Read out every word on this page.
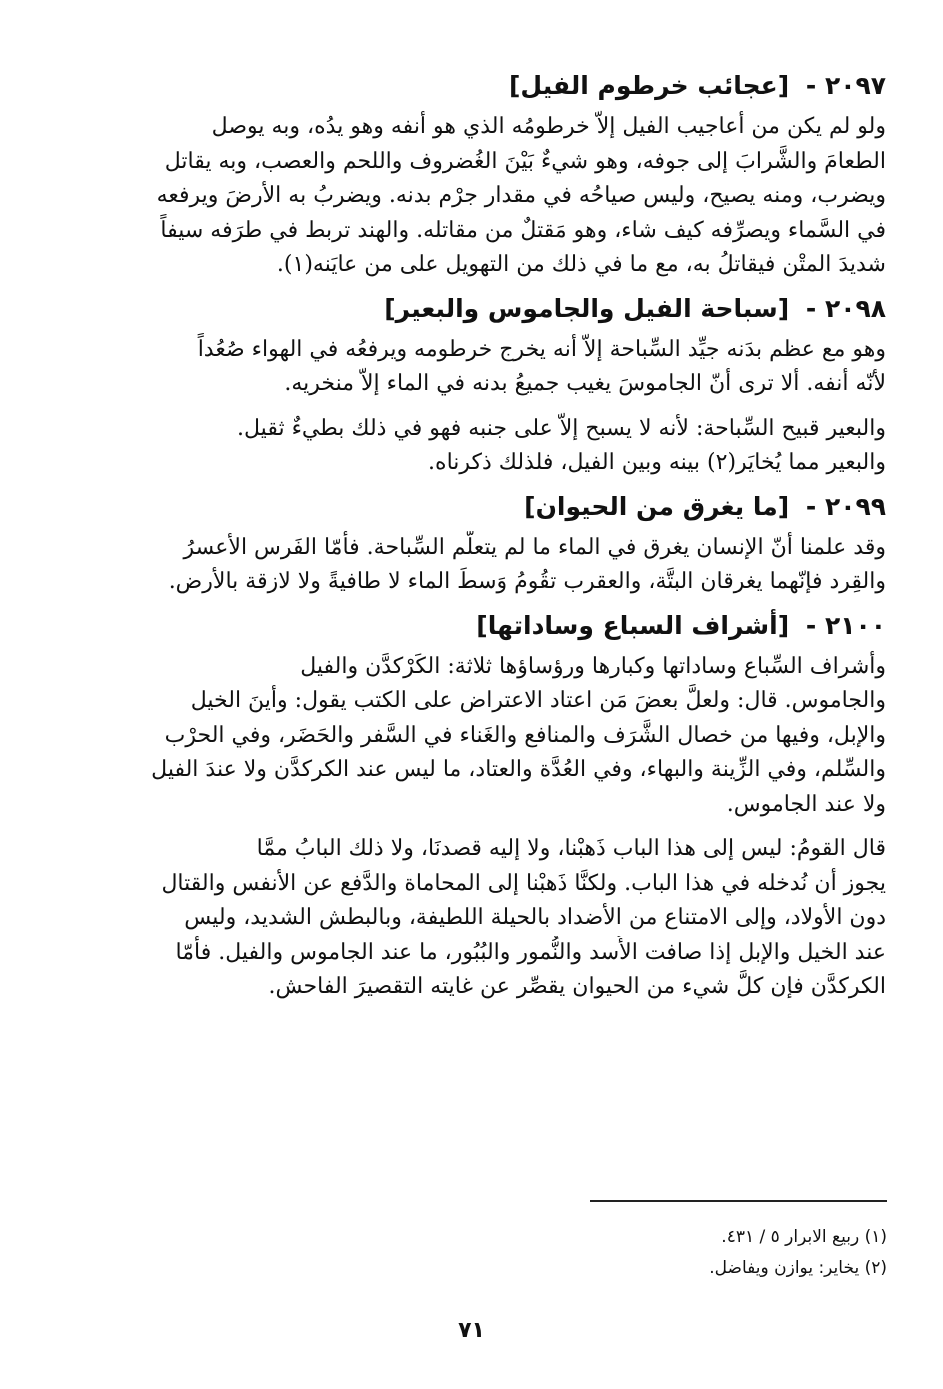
٢٠٩٧ - [عجائب خرطوم الفيل]
ولو لم يكن من أعاجيب الفيل إلاّ خرطومُه الذي هو أنفه وهو يدُه، وبه يوصل
الطعامَ والشَّرابَ إلى جوفه، وهو شيءٌ بَيْنَ الغُضروف واللحم والعصب، وبه يقاتل
ويضرب، ومنه يصيح، وليس صياحُه في مقدار جرْم بدنه. ويضربُ به الأرضَ ويرفعه
في السَّماء ويصرِّفه كيف شاء، وهو مَقتلٌ من مقاتله. والهند تربط في طرَفه سيفاً
شديدَ المتْن فيقاتلُ به، مع ما في ذلك من التهويل على من عايَنه(١).
٢٠٩٨ - [سباحة الفيل والجاموس والبعير]
وهو مع عظم بدَنه جيِّد السِّباحة إلاّ أنه يخرج خرطومه ويرفعُه في الهواء صُعُداً
لأنّه أنفه. ألا ترى أنّ الجاموسَ يغيب جميعُ بدنه في الماء إلاّ منخريه.
والبعير قبيح السِّباحة: لأنه لا يسبح إلاّ على جنبه فهو في ذلك بطيءٌ ثقيل.
والبعير مما يُخايَر(٢) بينه وبين الفيل، فلذلك ذكرناه.
٢٠٩٩ - [ما يغرق من الحيوان]
وقد علمنا أنّ الإنسان يغرق في الماء ما لم يتعلّم السِّباحة. فأمّا الفَرس الأعسرُ
والقِرد فإنّهما يغرقان البتَّة، والعقرب تقُومُ وَسطَ الماء لا طافيةً ولا لازقة بالأرض.
٢١٠٠ - [أشراف السباع وساداتها]
وأشراف السِّباع وساداتها وكبارها ورؤساؤها ثلاثة: الكَرْكدَّن والفيل
والجاموس. قال: ولعلَّ بعضَ مَن اعتاد الاعتراض على الكتب يقول: وأينَ الخيل
والإبل، وفيها من خصال الشَّرَف والمنافع والغَناء في السَّفر والحَضَر، وفي الحرْب
والسِّلم، وفي الزِّينة والبهاء، وفي العُدَّة والعتاد، ما ليس عند الكركدَّن ولا عندَ الفيل
ولا عند الجاموس.
قال القومُ: ليس إلى هذا الباب ذَهبْنا، ولا إليه قصدنَا، ولا ذلك البابُ ممَّا
يجوز أن نُدخله في هذا الباب. ولكنَّا ذَهبْنا إلى المحاماة والدَّفع عن الأنفس والقتال
دون الأولاد، وإلى الامتناع من الأضداد بالحيلة اللطيفة، وبالبطش الشديد، وليس
عند الخيل والإبل إذا صافت الأُسد والنُّمور والبُبُور، ما عند الجاموس والفيل. فأمّا
الكركدَّن فإن كلَّ شيء من الحيوان يقصِّر عن غايته التقصيرَ الفاحش.
(١) ربيع الابرار ٥ / ٤٣١.
(٢) يخاير: يوازن ويفاضل.
٧١
